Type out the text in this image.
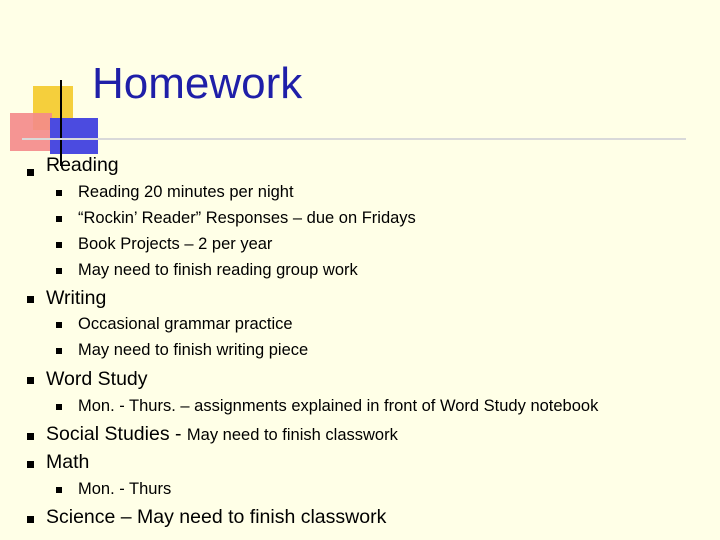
Homework
Reading
Reading 20 minutes per night
“Rockin’ Reader” Responses – due on Fridays
Book Projects – 2 per year
May need to finish reading group work
Writing
Occasional grammar practice
May need to finish writing piece
Word Study
Mon. - Thurs. – assignments explained in front of Word Study notebook
Social Studies - May need to finish classwork
Math
Mon. - Thurs
Science – May need to finish classwork
